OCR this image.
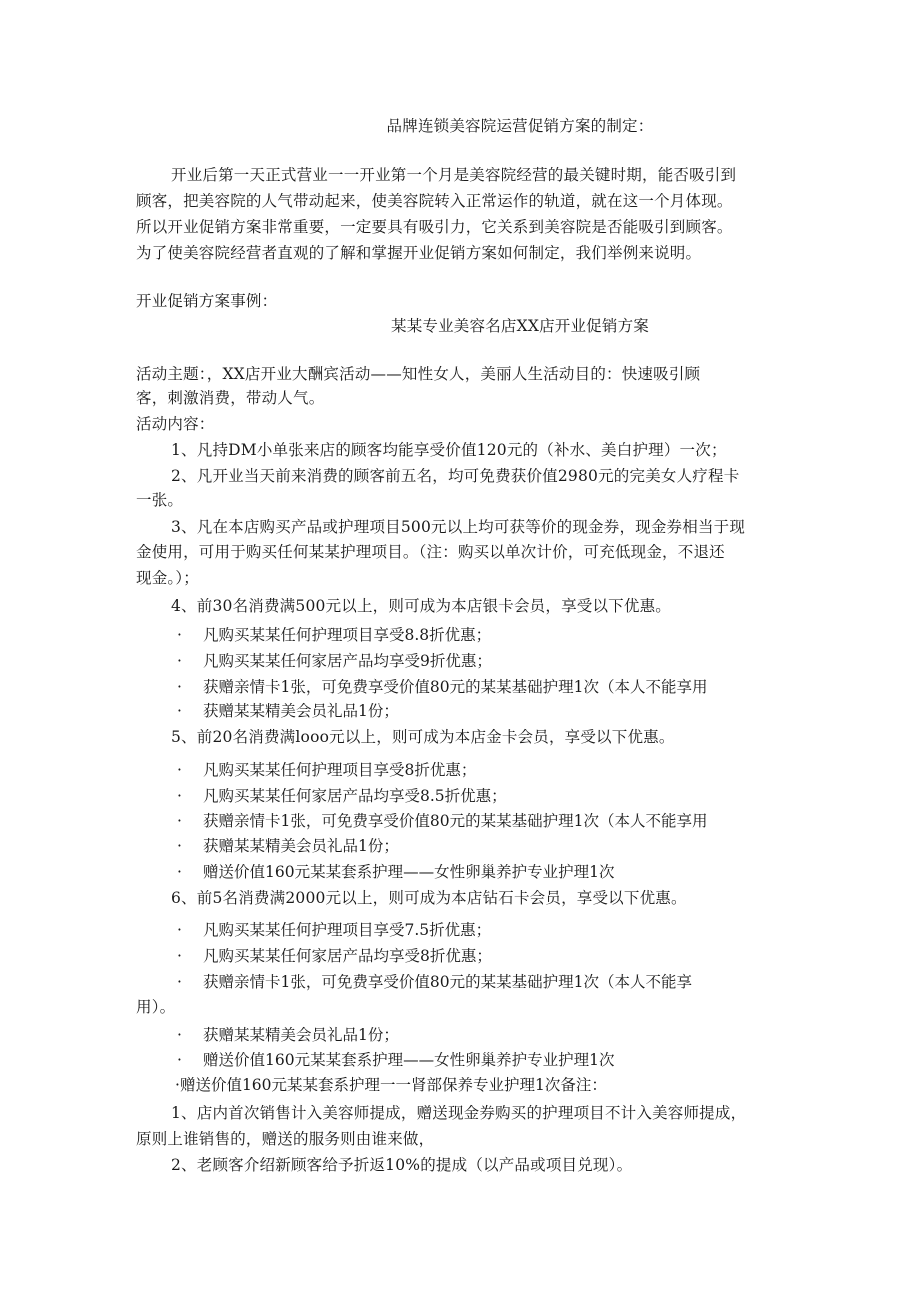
品牌连锁美容院运营促销方案的制定：
开业后第一天正式营业一一开业第一个月是美容院经营的最关键时期，能否吸引到
顾客，把美容院的人气带动起来，使美容院转入正常运作的轨道，就在这一个月体现。
所以开业促销方案非常重要，一定要具有吸引力，它关系到美容院是否能吸引到顾客。
为了使美容院经营者直观的了解和掌握开业促销方案如何制定，我们举例来说明。
开业促销方案事例：
某某专业美容名店XX店开业促销方案
活动主题：，XX店开业大酬宾活动——知性女人，美丽人生活动目的：快速吸引顾
客，刺激消费，带动人气。
活动内容：
1、凡持DM小单张来店的顾客均能享受价值120元的（补水、美白护理）一次；
2、凡开业当天前来消费的顾客前五名，均可免费获价值2980元的完美女人疗程卡
一张。
3、凡在本店购买产品或护理项目500元以上均可获等价的现金券，现金券相当于现
金使用，可用于购买任何某某护理项目。（注：购买以单次计价，可充低现金，不退还
现金。）；
4、前30名消费满500元以上，则可成为本店银卡会员，享受以下优惠。
· 凡购买某某任何护理项目享受8.8折优惠；
· 凡购买某某任何家居产品均享受9折优惠；
· 获赠亲情卡1张，可免费享受价值80元的某某基础护理1次（本人不能享用
· 获赠某某精美会员礼品1份；
5、前20名消费满looo元以上，则可成为本店金卡会员，享受以下优惠。
· 凡购买某某任何护理项目享受8折优惠；
· 凡购买某某任何家居产品均享受8.5折优惠；
· 获赠亲情卡1张，可免费享受价值80元的某某基础护理1次（本人不能享用
· 获赠某某精美会员礼品1份；
· 赠送价值160元某某套系护理——女性卵巢养护专业护理1次
6、前5名消费满2000元以上，则可成为本店钻石卡会员，享受以下优惠。
· 凡购买某某任何护理项目享受7.5折优惠；
· 凡购买某某任何家居产品均享受8折优惠；
· 获赠亲情卡1张，可免费享受价值80元的某某基础护理1次（本人不能享
用）。
· 获赠某某精美会员礼品1份；
· 赠送价值160元某某套系护理——女性卵巢养护专业护理1次
·赠送价值160元某某套系护理一一肾部保养专业护理1次备注：
1、店内首次销售计入美容师提成，赠送现金券购买的护理项目不计入美容师提成，
原则上谁销售的，赠送的服务则由谁来做，
2、老顾客介绍新顾客给予折返10%的提成（以产品或项目兑现）。
